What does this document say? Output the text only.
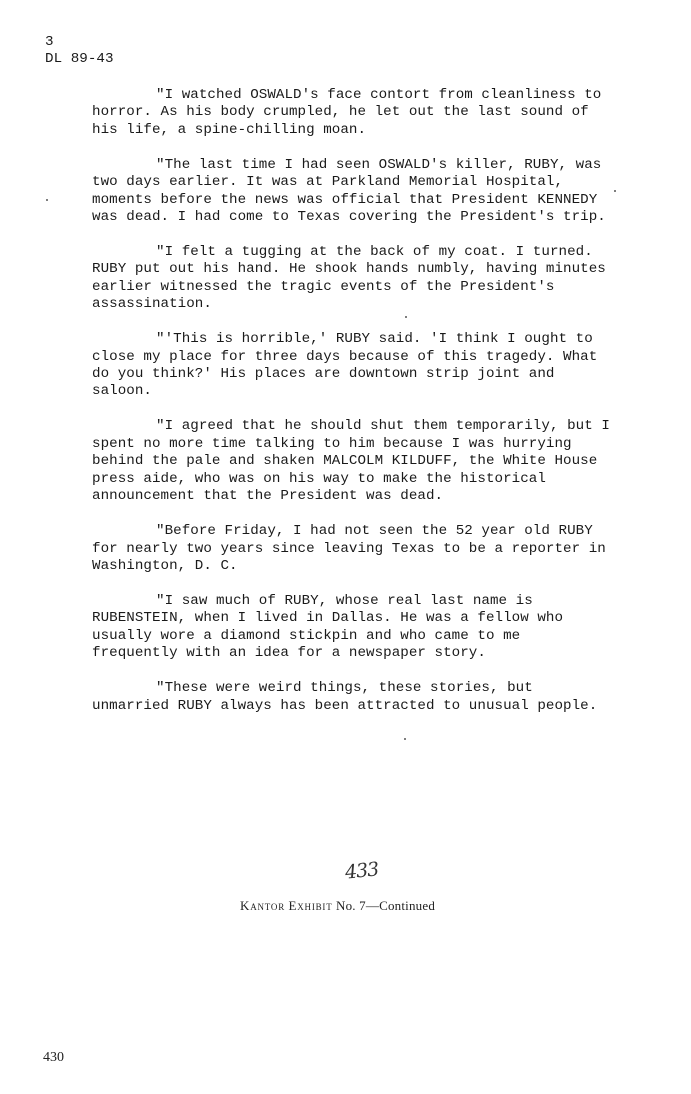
3
DL 89-43

"I watched OSWALD's face contort from cleanliness to horror. As his body crumpled, he let out the last sound of his life, a spine-chilling moan.

"The last time I had seen OSWALD's killer, RUBY, was two days earlier. It was at Parkland Memorial Hospital, moments before the news was official that President KENNEDY was dead. I had come to Texas covering the President's trip.

"I felt a tugging at the back of my coat. I turned. RUBY put out his hand. He shook hands numbly, having minutes earlier witnessed the tragic events of the President's assassination.

"'This is horrible,' RUBY said. 'I think I ought to close my place for three days because of this tragedy. What do you think?' His places are downtown strip joint and saloon.

"I agreed that he should shut them temporarily, but I spent no more time talking to him because I was hurrying behind the pale and shaken MALCOLM KILDUFF, the White House press aide, who was on his way to make the historical announcement that the President was dead.

"Before Friday, I had not seen the 52 year old RUBY for nearly two years since leaving Texas to be a reporter in Washington, D. C.

"I saw much of RUBY, whose real last name is RUBENSTEIN, when I lived in Dallas. He was a fellow who usually wore a diamond stickpin and who came to me frequently with an idea for a newspaper story.

"These were weird things, these stories, but unmarried RUBY always has been attracted to unusual people.

433
Kantor Exhibit No. 7—Continued
430
